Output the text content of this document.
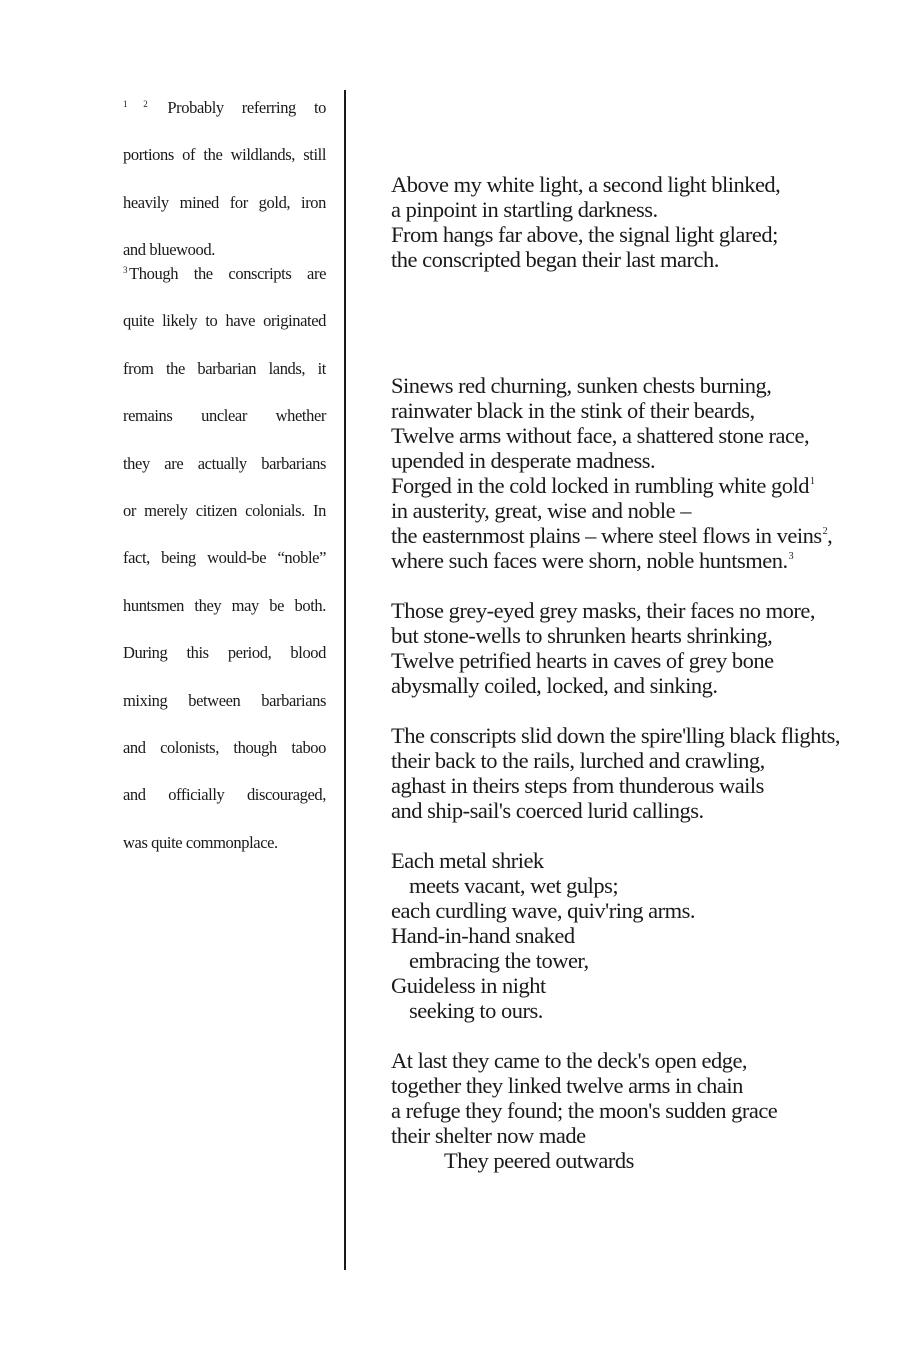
$^{1 2}$ Probably referring to

portions of the wildlands, still

heavily mined for gold, iron

and bluewood.

$^3$ Though the conscripts are

quite likely to have originated

from the barbarian lands, it

remains unclear whether

they are actually barbarians

or merely citizen colonials. In

fact, being would-be “noble”

huntsmen they may be both.

During this period, blood

mixing between barbarians

and colonists, though taboo

and officially discouraged,

was quite commonplace.

Above my white light, a second light blinked,
a pinpoint in startling darkness.
From hangs far above, the signal light glared;
the conscripted began their last march.
Sinews red churning, sunken chests burning,
rainwater black in the stink of their beards,
Twelve arms without face, a shattered stone race,
upended in desperate madness.
Forged in the cold locked in rumbling white gold$^1$
in austerity, great, wise and noble –
the easternmost plains – where steel flows in veins$^2$,
where such faces were shorn, noble huntsmen.$^3$
Those grey-eyed grey masks, their faces no more,
but stone-wells to shrunken hearts shrinking,
Twelve petrified hearts in caves of grey bone
abysmally coiled, locked, and sinking.
The conscripts slid down the spire'lling black flights,
their back to the rails, lurched and crawling,
aghast in theirs steps from thunderous wails
and ship-sail's coerced lurid callings.
Each metal shriek
meets vacant, wet gulps;
each curdling wave, quiv'ring arms.
Hand-in-hand snaked
embracing the tower,
Guideless in night
seeking to ours.
At last they came to the deck's open edge,
together they linked twelve arms in chain
a refuge they found; the moon's sudden grace
their shelter now made
They peered outwards
